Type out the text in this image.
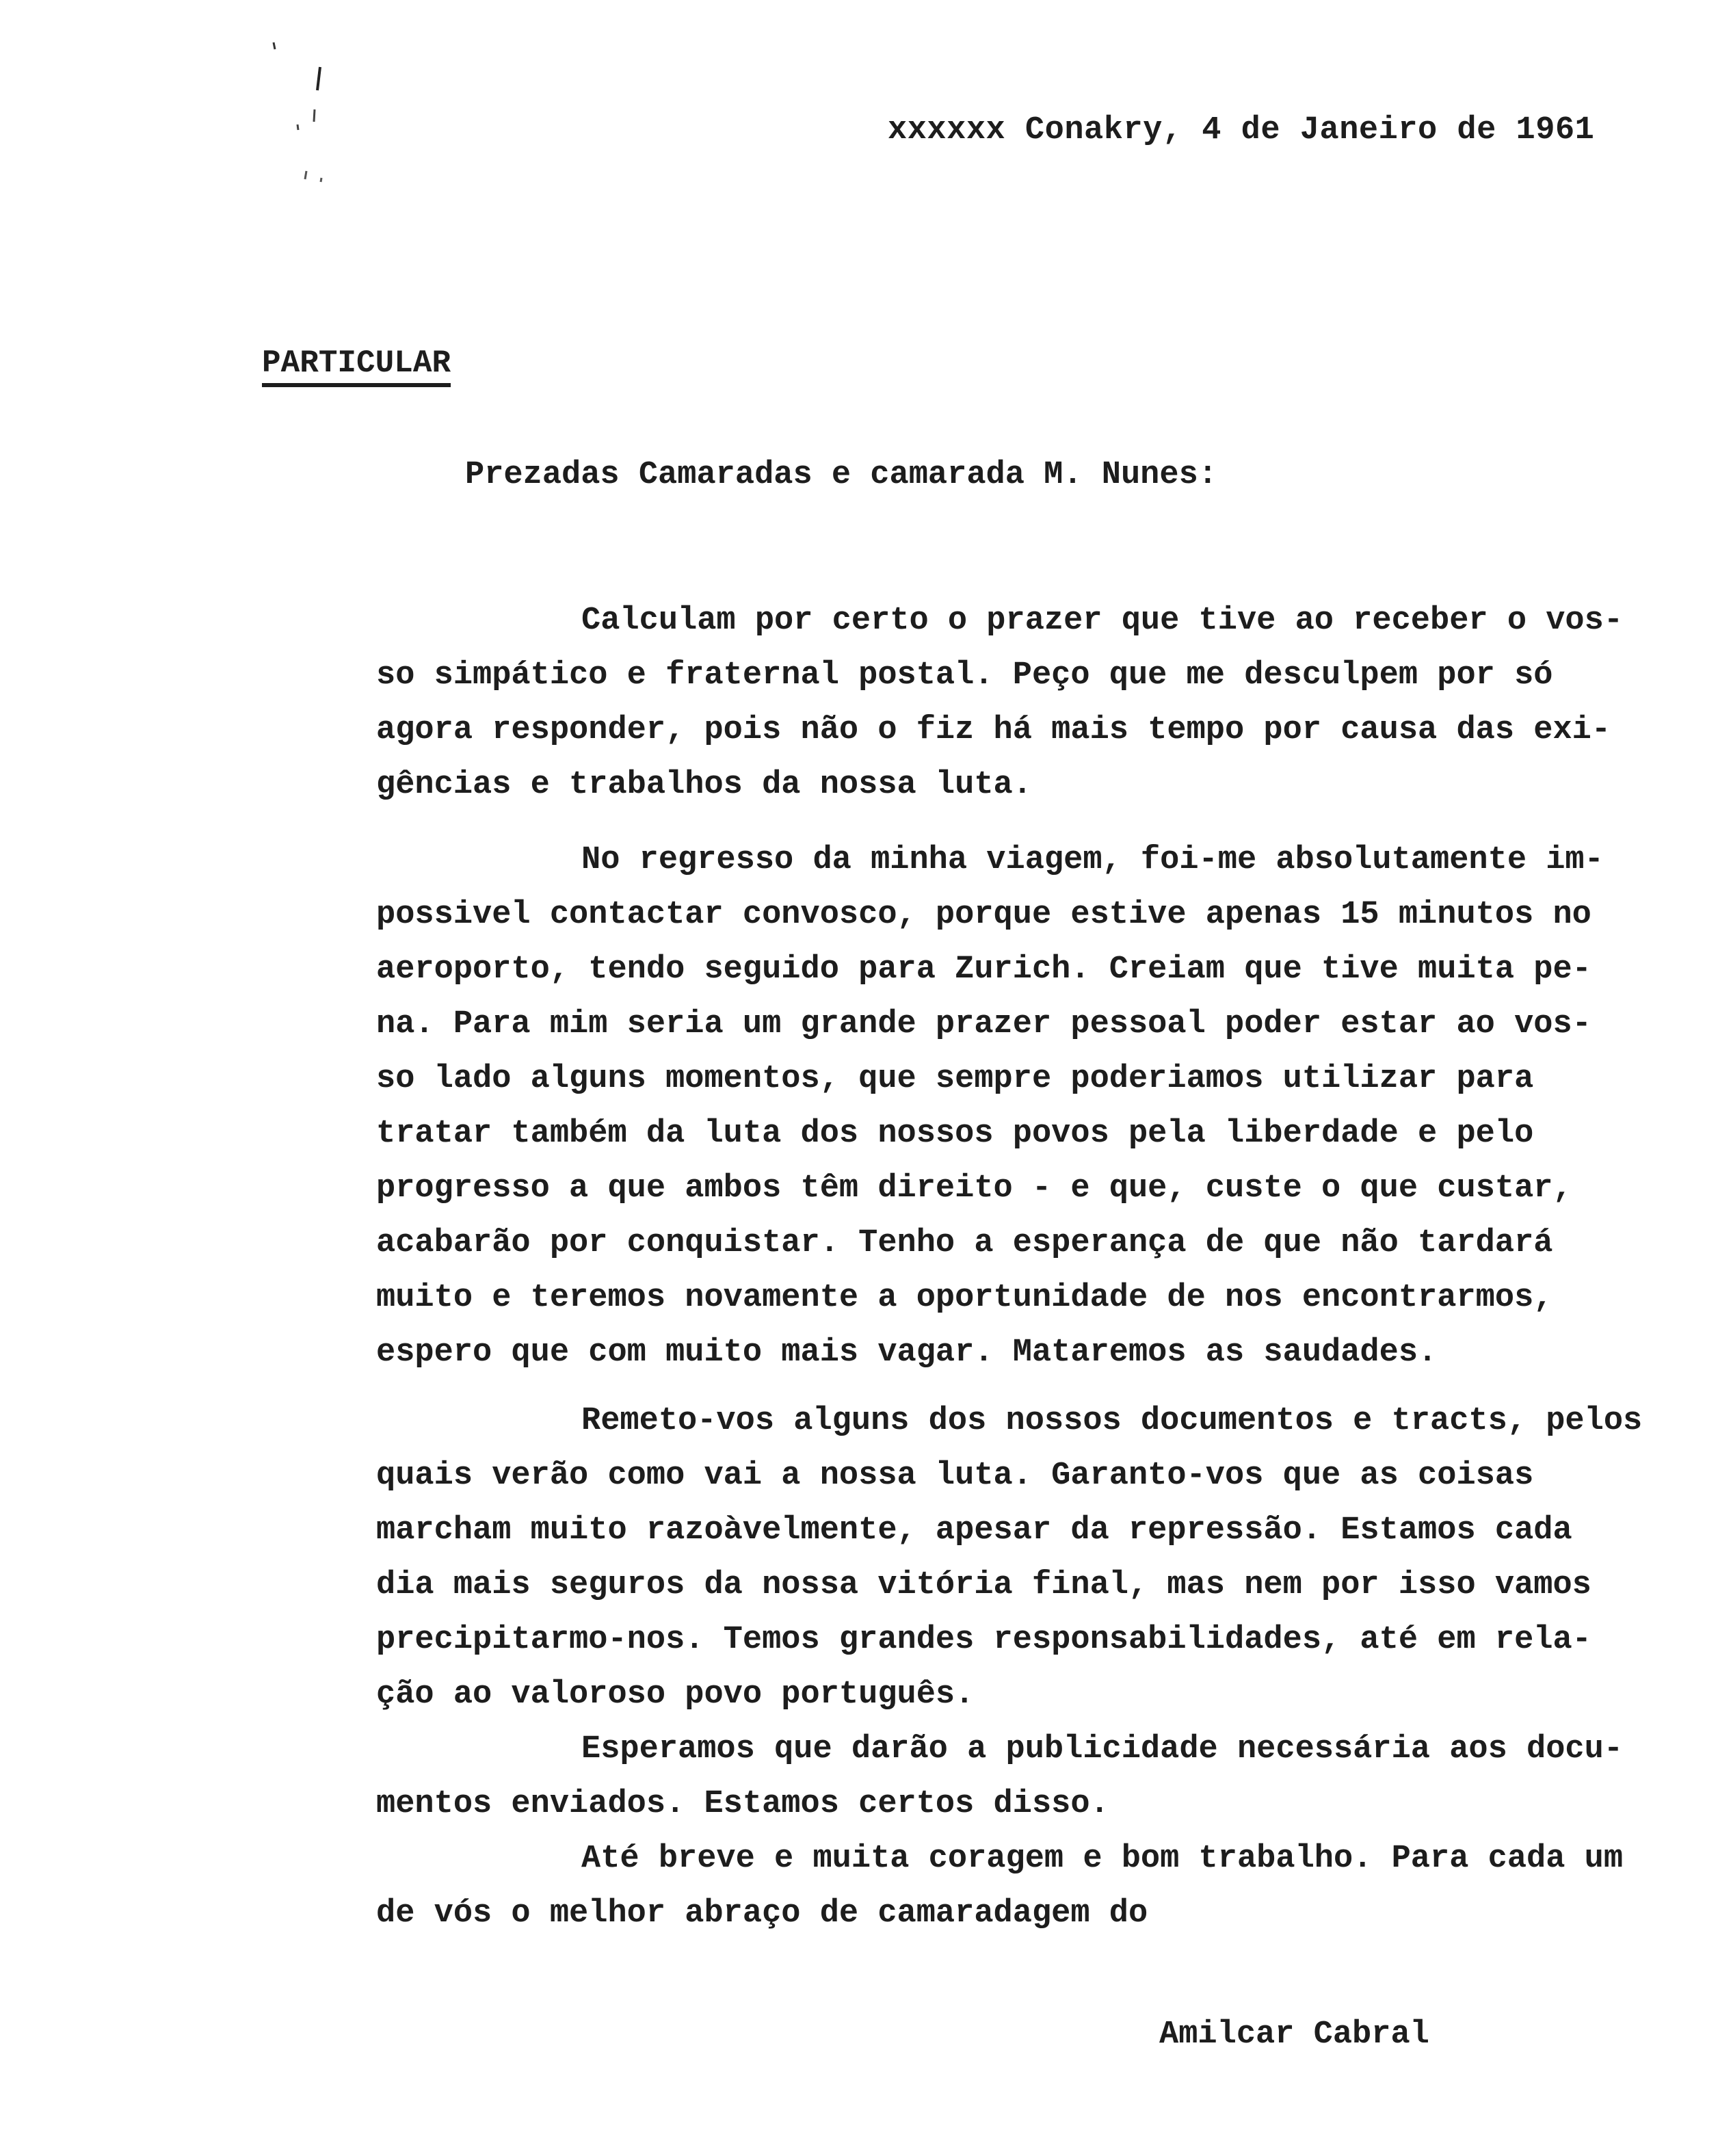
xxxxxx Conakry, 4 de Janeiro de 1961
PARTICULAR
Prezadas Camaradas e camarada M. Nunes:
Calculam por certo o prazer que tive ao receber o vos-
so simpático e fraternal postal. Peço que me desculpem por só
agora responder, pois não o fiz há mais tempo por causa das exi-
gências e trabalhos da nossa luta.
No regresso da minha viagem, foi-me absolutamente im-
possivel contactar convosco, porque estive apenas 15 minutos no
aeroporto, tendo seguido para Zurich. Creiam que tive muita pe-
na. Para mim seria um grande prazer pessoal poder estar ao vos-
so lado alguns momentos, que sempre poderiamos utilizar para
tratar também da luta dos nossos povos pela liberdade e pelo
progresso a que ambos têm direito - e que, custe o que custar,
acabarão por conquistar. Tenho a esperança de que não tardará
muito e teremos novamente a oportunidade de nos encontrarmos,
espero que com muito mais vagar. Mataremos as saudades.
Remeto-vos alguns dos nossos documentos e tracts, pelos
quais verão como vai a nossa luta. Garanto-vos que as coisas
marcham muito razoàvelmente, apesar da repressão. Estamos cada
dia mais seguros da nossa vitória final, mas nem por isso vamos
precipitarmo-nos. Temos grandes responsabilidades, até em rela-
ção ao valoroso povo português.
Esperamos que darão a publicidade necessária aos docu-
mentos enviados. Estamos certos disso.
Até breve e muita coragem e bom trabalho. Para cada um
de vós o melhor abraço de camaradagem do
Amilcar Cabral
